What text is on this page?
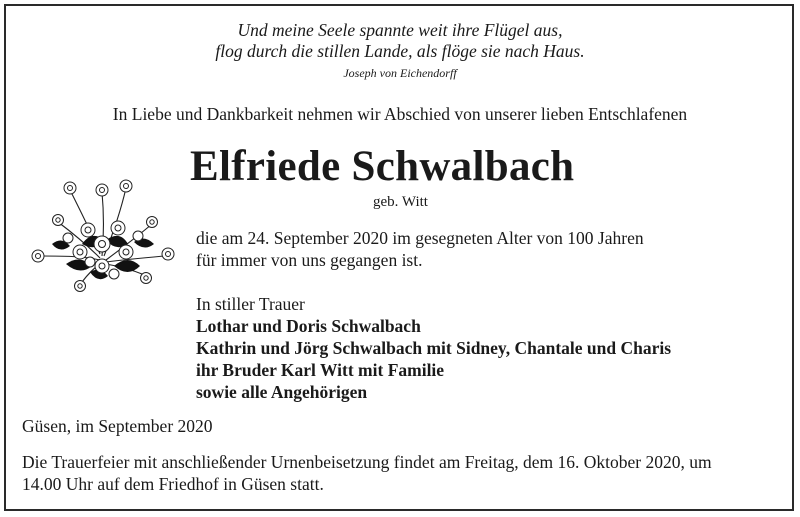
Und meine Seele spannte weit ihre Flügel aus,
flog durch die stillen Lande, als flöge sie nach Haus.
Joseph von Eichendorff
In Liebe und Dankbarkeit nehmen wir Abschied von unserer lieben Entschlafenen
Elfriede Schwalbach
geb. Witt
die am 24. September 2020 im gesegneten Alter von 100 Jahren
für immer von uns gegangen ist.
In stiller Trauer
Lothar und Doris Schwalbach
Kathrin und Jörg Schwalbach mit Sidney, Chantale und Charis
ihr Bruder Karl Witt mit Familie
sowie alle Angehörigen
Güsen, im September 2020
Die Trauerfeier mit anschließender Urnenbeisetzung findet am Freitag, dem 16. Oktober 2020, um
14.00 Uhr auf dem Friedhof in Güsen statt.
